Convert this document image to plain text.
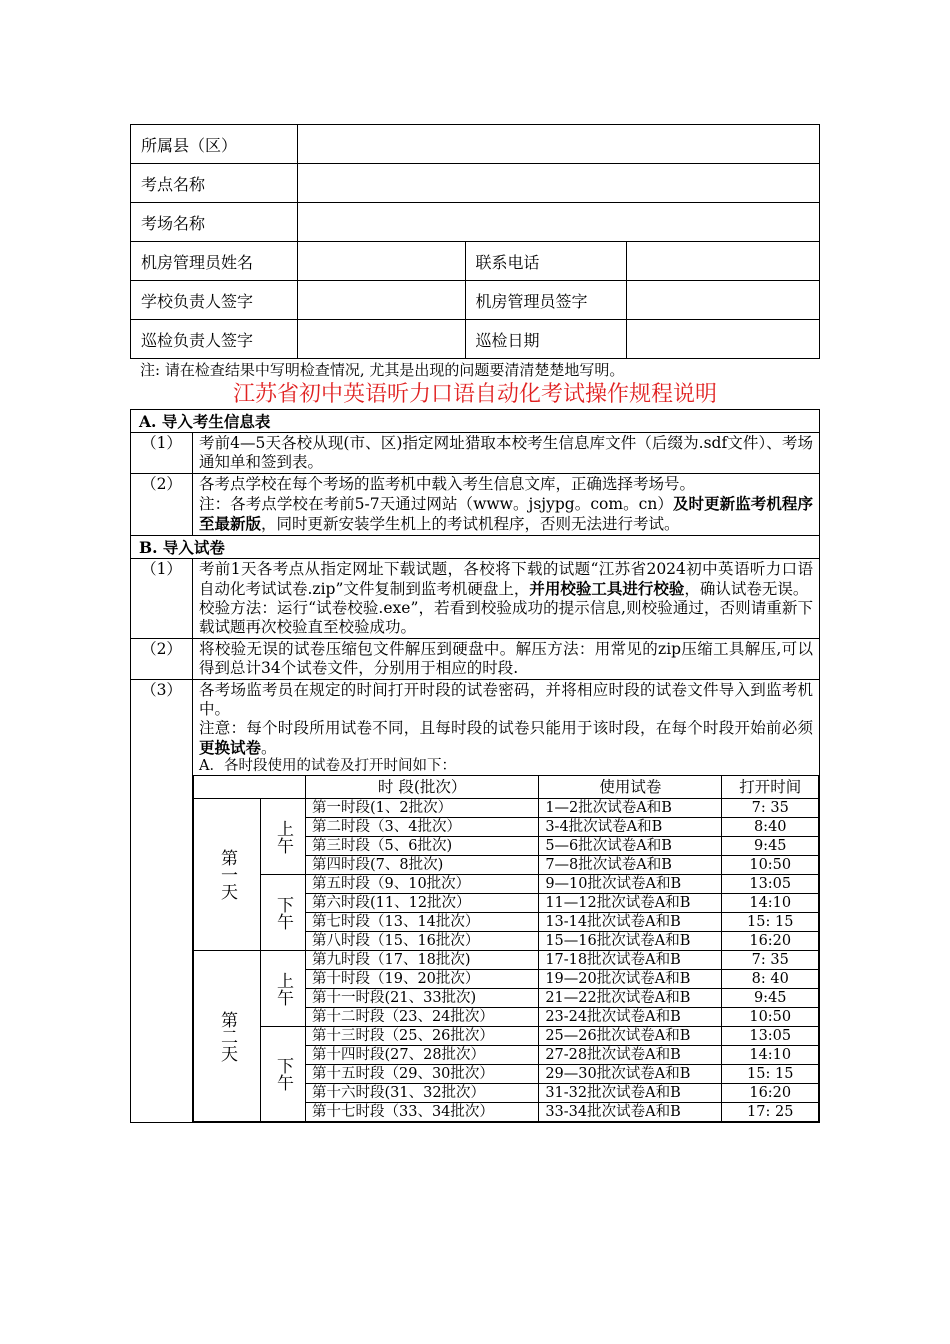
所属县（区）			
考点名称			
考场名称			
机房管理员姓名		联系电话	
学校负责人签字		机房管理员签字	
巡检负责人签字		巡检日期	
注: 请在检查结果中写明检查情况, 尤其是出现的问题要清清楚楚地写明。
江苏省初中英语听力口语自动化考试操作规程说明
A. 导入考生信息表
（1）	考前4—5天各校从现(市、区)指定网址猎取本校考生信息库文件（后缀为.sdf文件）、考场通知单和签到表。
（2）	各考点学校在每个考场的监考机中载入考生信息文库，正确选择考场号。
注：各考点学校在考前5-7天通过网站（www。jsjypg。com。cn）及时更新监考机程序至最新版，同时更新安装学生机上的考试机程序，否则无法进行考试。

B. 导入试卷
（1）	考前1天各考点从指定网址下载试题，各校将下载的试题“江苏省2024初中英语听力口语自动化考试试卷.zip”文件复制到监考机硬盘上，并用校验工具进行校验，确认试卷无误。
校验方法：运行“试卷校验.exe”，若看到校验成功的提示信息,则校验通过，否则请重新下载试题再次校验直至校验成功。

（2）	将校验无误的试卷压缩包文件解压到硬盘中。解压方法：用常见的zip压缩工具解压,可以得到总计34个试卷文件，分别用于相应的时段.
（3）	各考场监考员在规定的时间打开时段的试卷密码，并将相应时段的试卷文件导入到监考机中。
注意：每个时段所用试卷不同，且每时段的试卷只能用于该时段，在每个时段开始前必须更换试卷。
A．各时段使用的试卷及打开时间如下：
	时 段(批次）	使用试卷	打开时间
第一天	上午	第一时段(1、2批次）	1—2批次试卷A和B	7: 35
第二时段（3、4批次）	3-4批次试卷A和B	8:40
第三时段（5、6批次)	5—6批次试卷A和B	9:45
第四时段(7、8批次)	7—8批次试卷A和B	10:50
下午	第五时段（9、10批次）	9—10批次试卷A和B	13:05
第六时段(11、12批次）	11—12批次试卷A和B	14:10
第七时段（13、14批次）	13-14批次试卷A和B	15: 15
第八时段（15、16批次）	15—16批次试卷A和B	16:20
第二天	上午	第九时段（17、18批次)	17-18批次试卷A和B	7: 35
第十时段（19、20批次）	19—20批次试卷A和B	8: 40
第十一时段(21、33批次)	21—22批次试卷A和B	9:45
第十二时段（23、24批次）	23-24批次试卷A和B	10:50
下午	第十三时段（25、26批次）	25—26批次试卷A和B	13:05
第十四时段(27、28批次）	27-28批次试卷A和B	14:10
第十五时段（29、30批次）	29—30批次试卷A和B	15: 15
第十六时段(31、32批次）	31-32批次试卷A和B	16:20
第十七时段（33、34批次）	33-34批次试卷A和B	17: 25
